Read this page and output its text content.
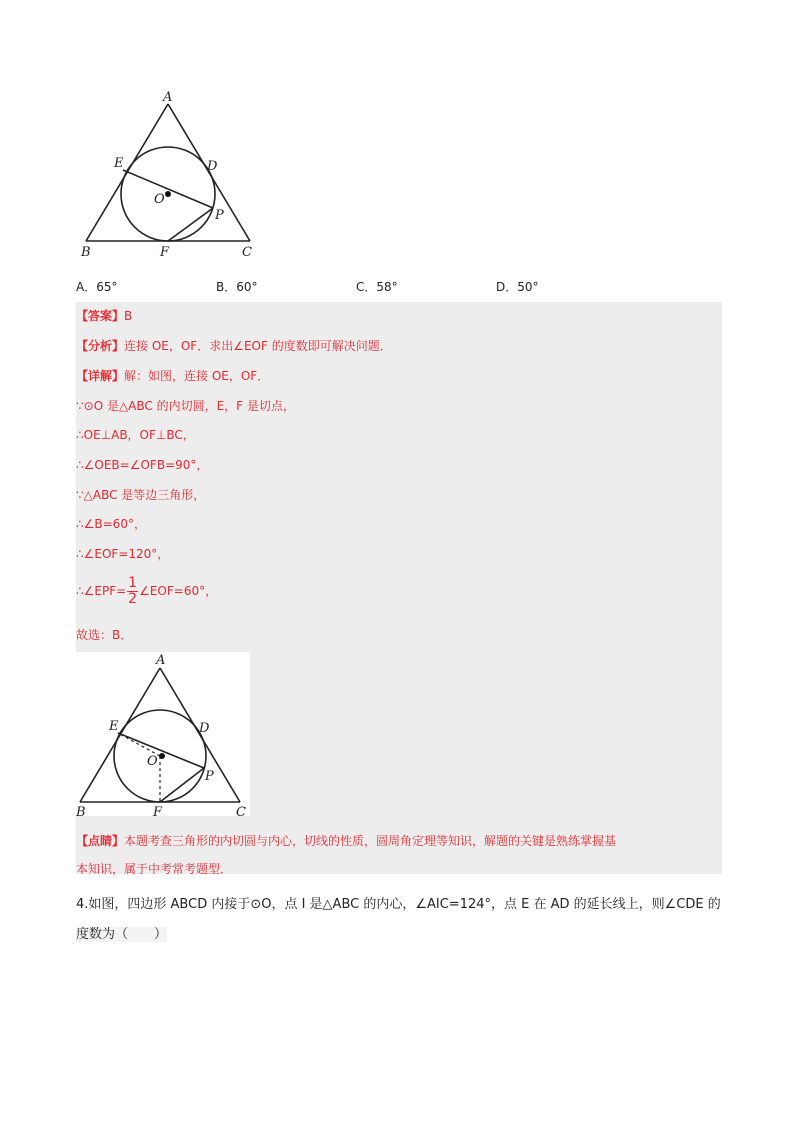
A
E	D
O
P
B	F	C
A．65°	B．60°	C．58°	D．50°
【答案】B
【分析】连接 OE，OF．求出∠EOF 的度数即可解决问题．
【详解】解：如图，连接 OE，OF．
∵⊙O 是△ABC 的内切圆，E，F 是切点，
∴OE⊥AB，OF⊥BC，
∴∠OEB=∠OFB=90°，
∵△ABC 是等边三角形，
∴∠B=60°，
∴∠EOF=120°，
∴∠EPF= $\frac{1}{2}$ ∠EOF=60°，
故选：B．
A
E	D
O
P
B	F	C
【点睛】本题考查三角形的内切圆与内心，切线的性质，圆周角定理等知识，解题的关键是熟练掌握基
本知识，属于中考常考题型．
4.如图，四边形 ABCD 内接于⊙O，点 I 是△ABC 的内心，∠AIC=124°，点 E 在 AD 的延长线上，则∠CDE 的
度数为（　　）
